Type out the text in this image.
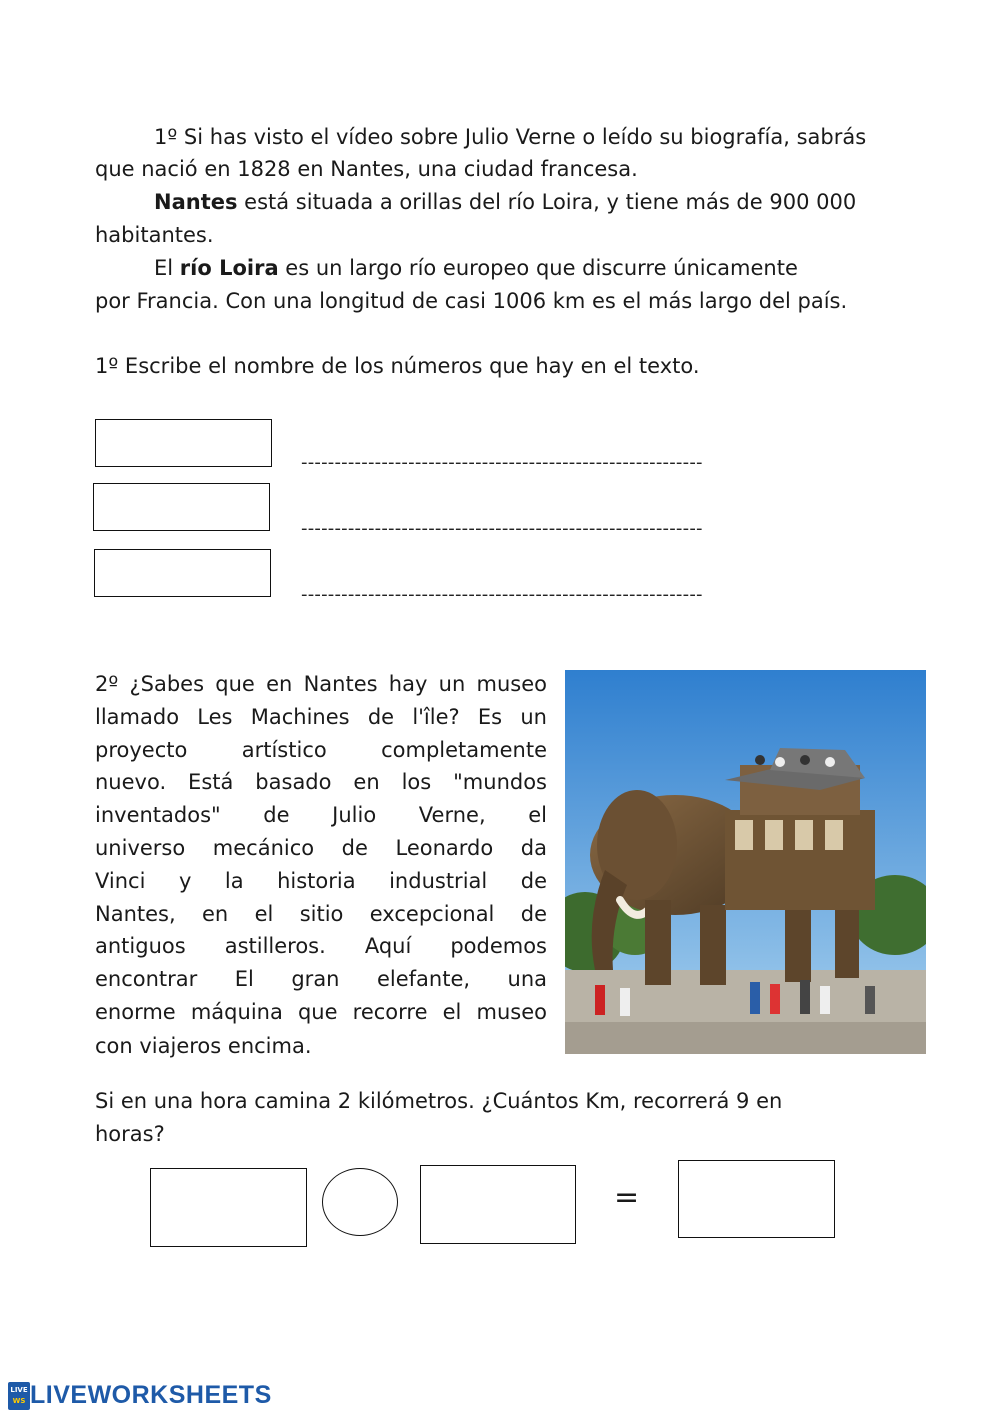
1º Si has visto el vídeo sobre Julio Verne o leído su biografía, sabrás

que nació en 1828 en Nantes, una ciudad francesa.

Nantes está situada a orillas del río Loira, y tiene más de 900 000

habitantes.

El río Loira es un largo río europeo que discurre únicamente

por Francia. Con una longitud de casi 1006 km es el más largo del país.

1º Escribe el nombre de los números que hay en el texto.

------------------------------------------------------------
------------------------------------------------------------
------------------------------------------------------------
2º ¿Sabes que en Nantes hay un museo
llamado Les Machines de l'île? Es un
proyecto artístico completamente
nuevo. Está basado en los "mundos
inventados" de Julio Verne, el
universo mecánico de Leonardo da
Vinci y la historia industrial de
Nantes, en el sitio excepcional de
antiguos astilleros. Aquí podemos
encontrar El gran elefante, una
enorme máquina que recorre el museo

con viajeros encima.

Si en una hora camina 2 kilómetros. ¿Cuántos Km, recorrerá 9 en

horas?

=
LIVE
WS LIVEWORKSHEETS
